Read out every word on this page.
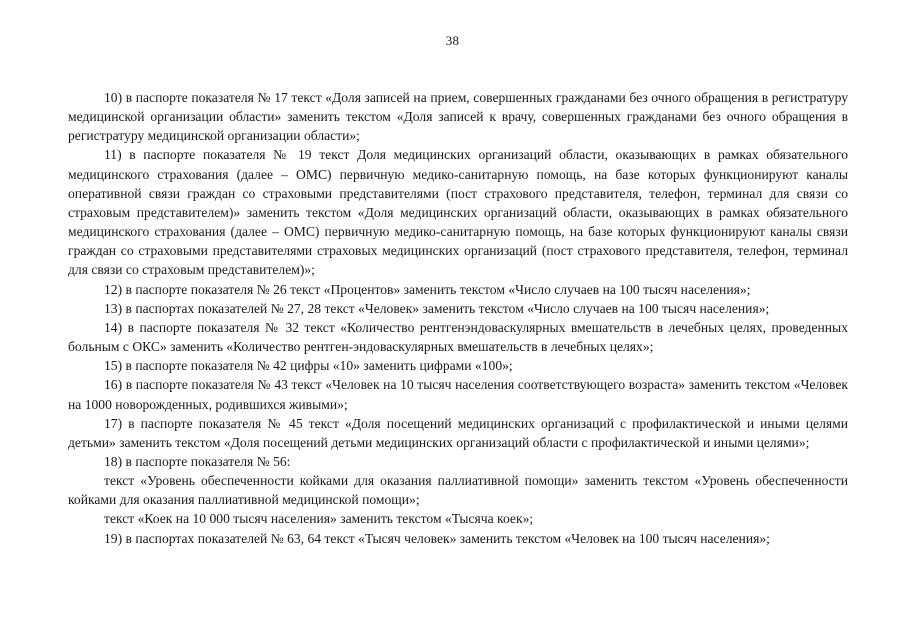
38

10) в паспорте показателя № 17 текст «Доля записей на прием, совершенных гражданами без очного обращения в регистратуру медицинской организации области» заменить текстом «Доля записей к врачу, совершенных гражданами без очного обращения в регистратуру медицинской организации области»;

11) в паспорте показателя № 19 текст Доля медицинских организаций области, оказывающих в рамках обязательного медицинского страхования (далее – ОМС) первичную медико-санитарную помощь, на базе которых функционируют каналы оперативной связи граждан со страховыми представителями (пост страхового представителя, телефон, терминал для связи со страховым представителем)» заменить текстом «Доля медицинских организаций области, оказывающих в рамках обязательного медицинского страхования (далее – ОМС) первичную медико-санитарную помощь, на базе которых функционируют каналы связи граждан со страховыми представителями страховых медицинских организаций (пост страхового представителя, телефон, терминал для связи со страховым представителем)»;

12) в паспорте показателя № 26 текст «Процентов» заменить текстом «Число случаев на 100 тысяч населения»;

13) в паспортах показателей № 27, 28 текст «Человек» заменить текстом «Число случаев на 100 тысяч населения»;

14) в паспорте показателя № 32 текст «Количество рентгенэндоваскулярных вмешательств в лечебных целях, проведенных больным с ОКС» заменить «Количество рентген-эндоваскулярных вмешательств в лечебных целях»;

15) в паспорте показателя № 42 цифры «10» заменить цифрами «100»;

16) в паспорте показателя № 43 текст «Человек на 10 тысяч населения соответствующего возраста» заменить текстом «Человек на 1000 новорожденных, родившихся живыми»;

17) в паспорте показателя № 45 текст «Доля посещений медицинских организаций с профилактической и иными целями детьми» заменить текстом «Доля посещений детьми медицинских организаций области с профилактической и иными целями»;

18) в паспорте показателя № 56:

текст «Уровень обеспеченности койками для оказания паллиативной помощи» заменить текстом «Уровень обеспеченности койками для оказания паллиативной медицинской помощи»;

текст «Коек на 10 000 тысяч населения» заменить текстом «Тысяча коек»;

19) в паспортах показателей № 63, 64 текст «Тысяч человек» заменить текстом «Человек на 100 тысяч населения»;
